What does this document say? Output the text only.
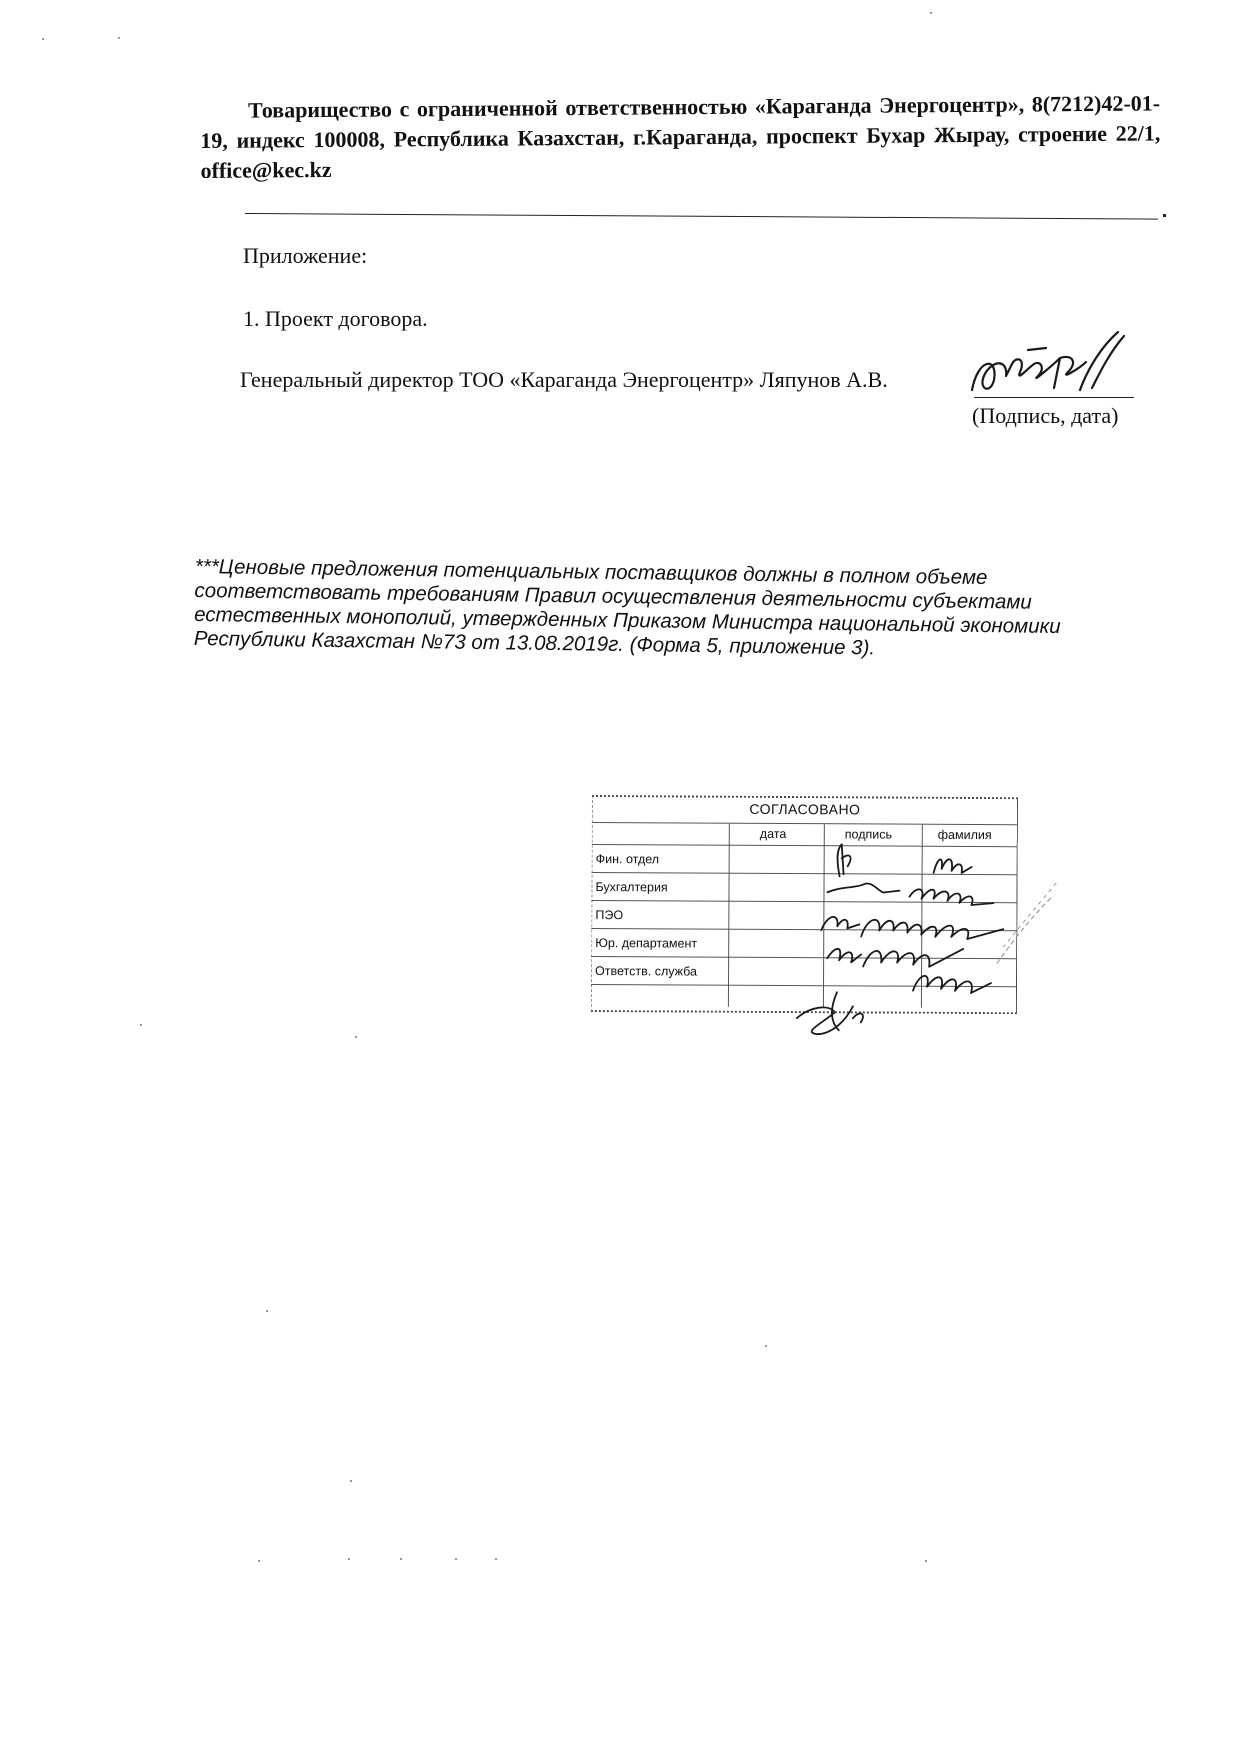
Товарищество с ограниченной ответственностью «Караганда Энергоцентр», 8(7212)42-01-19, индекс 100008, Республика Казахстан, г.Караганда, проспект Бухар Жырау, строение 22/1, office@kec.kz
Приложение:
1. Проект договора.
Генеральный директор ТОО «Караганда Энергоцентр» Ляпунов А.В.
(Подпись, дата)
***Ценовые предложения потенциальных поставщиков должны в полном объеме соответствовать требованиям Правил осуществления деятельности субъектами естественных монополий, утвержденных Приказом Министра национальной экономики Республики Казахстан №73 от 13.08.2019г. (Форма 5, приложение 3).
СОГЛАСОВАНО
дата	подпись	фамилия
Фин. отдел
Бухгалтерия
ПЭО
Юр. департамент
Ответств. служба
